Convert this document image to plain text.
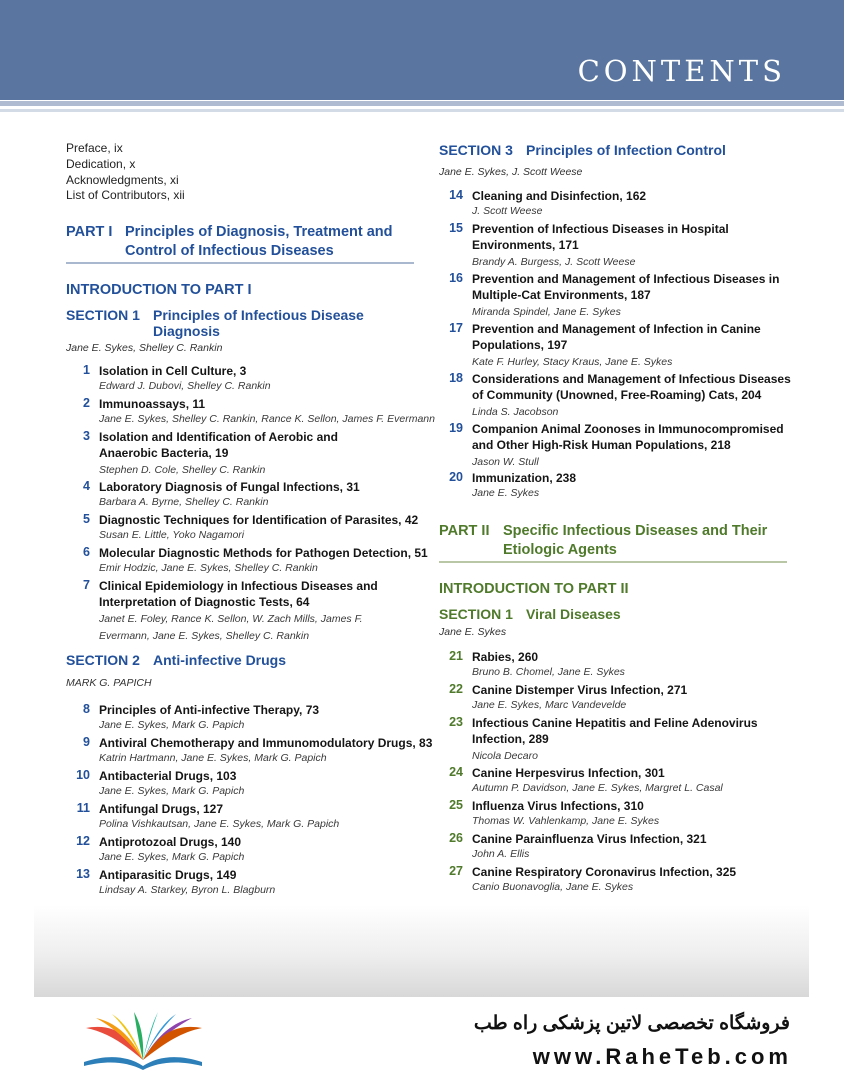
CONTENTS
Preface, ix
Dedication, x
Acknowledgments, xi
List of Contributors, xii
PART I Principles of Diagnosis, Treatment and Control of Infectious Diseases
INTRODUCTION TO PART I
SECTION 1 Principles of Infectious Disease Diagnosis
Jane E. Sykes, Shelley C. Rankin
1 Isolation in Cell Culture, 3
Edward J. Dubovi, Shelley C. Rankin
2 Immunoassays, 11
Jane E. Sykes, Shelley C. Rankin, Rance K. Sellon, James F. Evermann
3 Isolation and Identification of Aerobic and Anaerobic Bacteria, 19
Stephen D. Cole, Shelley C. Rankin
4 Laboratory Diagnosis of Fungal Infections, 31
Barbara A. Byrne, Shelley C. Rankin
5 Diagnostic Techniques for Identification of Parasites, 42
Susan E. Little, Yoko Nagamori
6 Molecular Diagnostic Methods for Pathogen Detection, 51
Emir Hodzic, Jane E. Sykes, Shelley C. Rankin
7 Clinical Epidemiology in Infectious Diseases and Interpretation of Diagnostic Tests, 64
Janet E. Foley, Rance K. Sellon, W. Zach Mills, James F. Evermann, Jane E. Sykes, Shelley C. Rankin
SECTION 2 Anti-infective Drugs
MARK G. PAPICH
8 Principles of Anti-infective Therapy, 73
Jane E. Sykes, Mark G. Papich
9 Antiviral Chemotherapy and Immunomodulatory Drugs, 83
Katrin Hartmann, Jane E. Sykes, Mark G. Papich
10 Antibacterial Drugs, 103
Jane E. Sykes, Mark G. Papich
11 Antifungal Drugs, 127
Polina Vishkautsan, Jane E. Sykes, Mark G. Papich
12 Antiprotozoal Drugs, 140
Jane E. Sykes, Mark G. Papich
13 Antiparasitic Drugs, 149
Lindsay A. Starkey, Byron L. Blagburn
SECTION 3 Principles of Infection Control
Jane E. Sykes, J. Scott Weese
14 Cleaning and Disinfection, 162
J. Scott Weese
15 Prevention of Infectious Diseases in Hospital Environments, 171
Brandy A. Burgess, J. Scott Weese
16 Prevention and Management of Infectious Diseases in Multiple-Cat Environments, 187
Miranda Spindel, Jane E. Sykes
17 Prevention and Management of Infection in Canine Populations, 197
Kate F. Hurley, Stacy Kraus, Jane E. Sykes
18 Considerations and Management of Infectious Diseases of Community (Unowned, Free-Roaming) Cats, 204
Linda S. Jacobson
19 Companion Animal Zoonoses in Immunocompromised and Other High-Risk Human Populations, 218
Jason W. Stull
20 Immunization, 238
Jane E. Sykes
PART II Specific Infectious Diseases and Their Etiologic Agents
INTRODUCTION TO PART II
SECTION 1 Viral Diseases
Jane E. Sykes
21 Rabies, 260
Bruno B. Chomel, Jane E. Sykes
22 Canine Distemper Virus Infection, 271
Jane E. Sykes, Marc Vandevelde
23 Infectious Canine Hepatitis and Feline Adenovirus Infection, 289
Nicola Decaro
24 Canine Herpesvirus Infection, 301
Autumn P. Davidson, Jane E. Sykes, Margret L. Casal
25 Influenza Virus Infections, 310
Thomas W. Vahlenkamp, Jane E. Sykes
26 Canine Parainfluenza Virus Infection, 321
John A. Ellis
27 Canine Respiratory Coronavirus Infection, 325
Canio Buonavoglia, Jane E. Sykes
فروشگاه تخصصی لاتین پزشکی راه طب
www.RaheTeb.com
